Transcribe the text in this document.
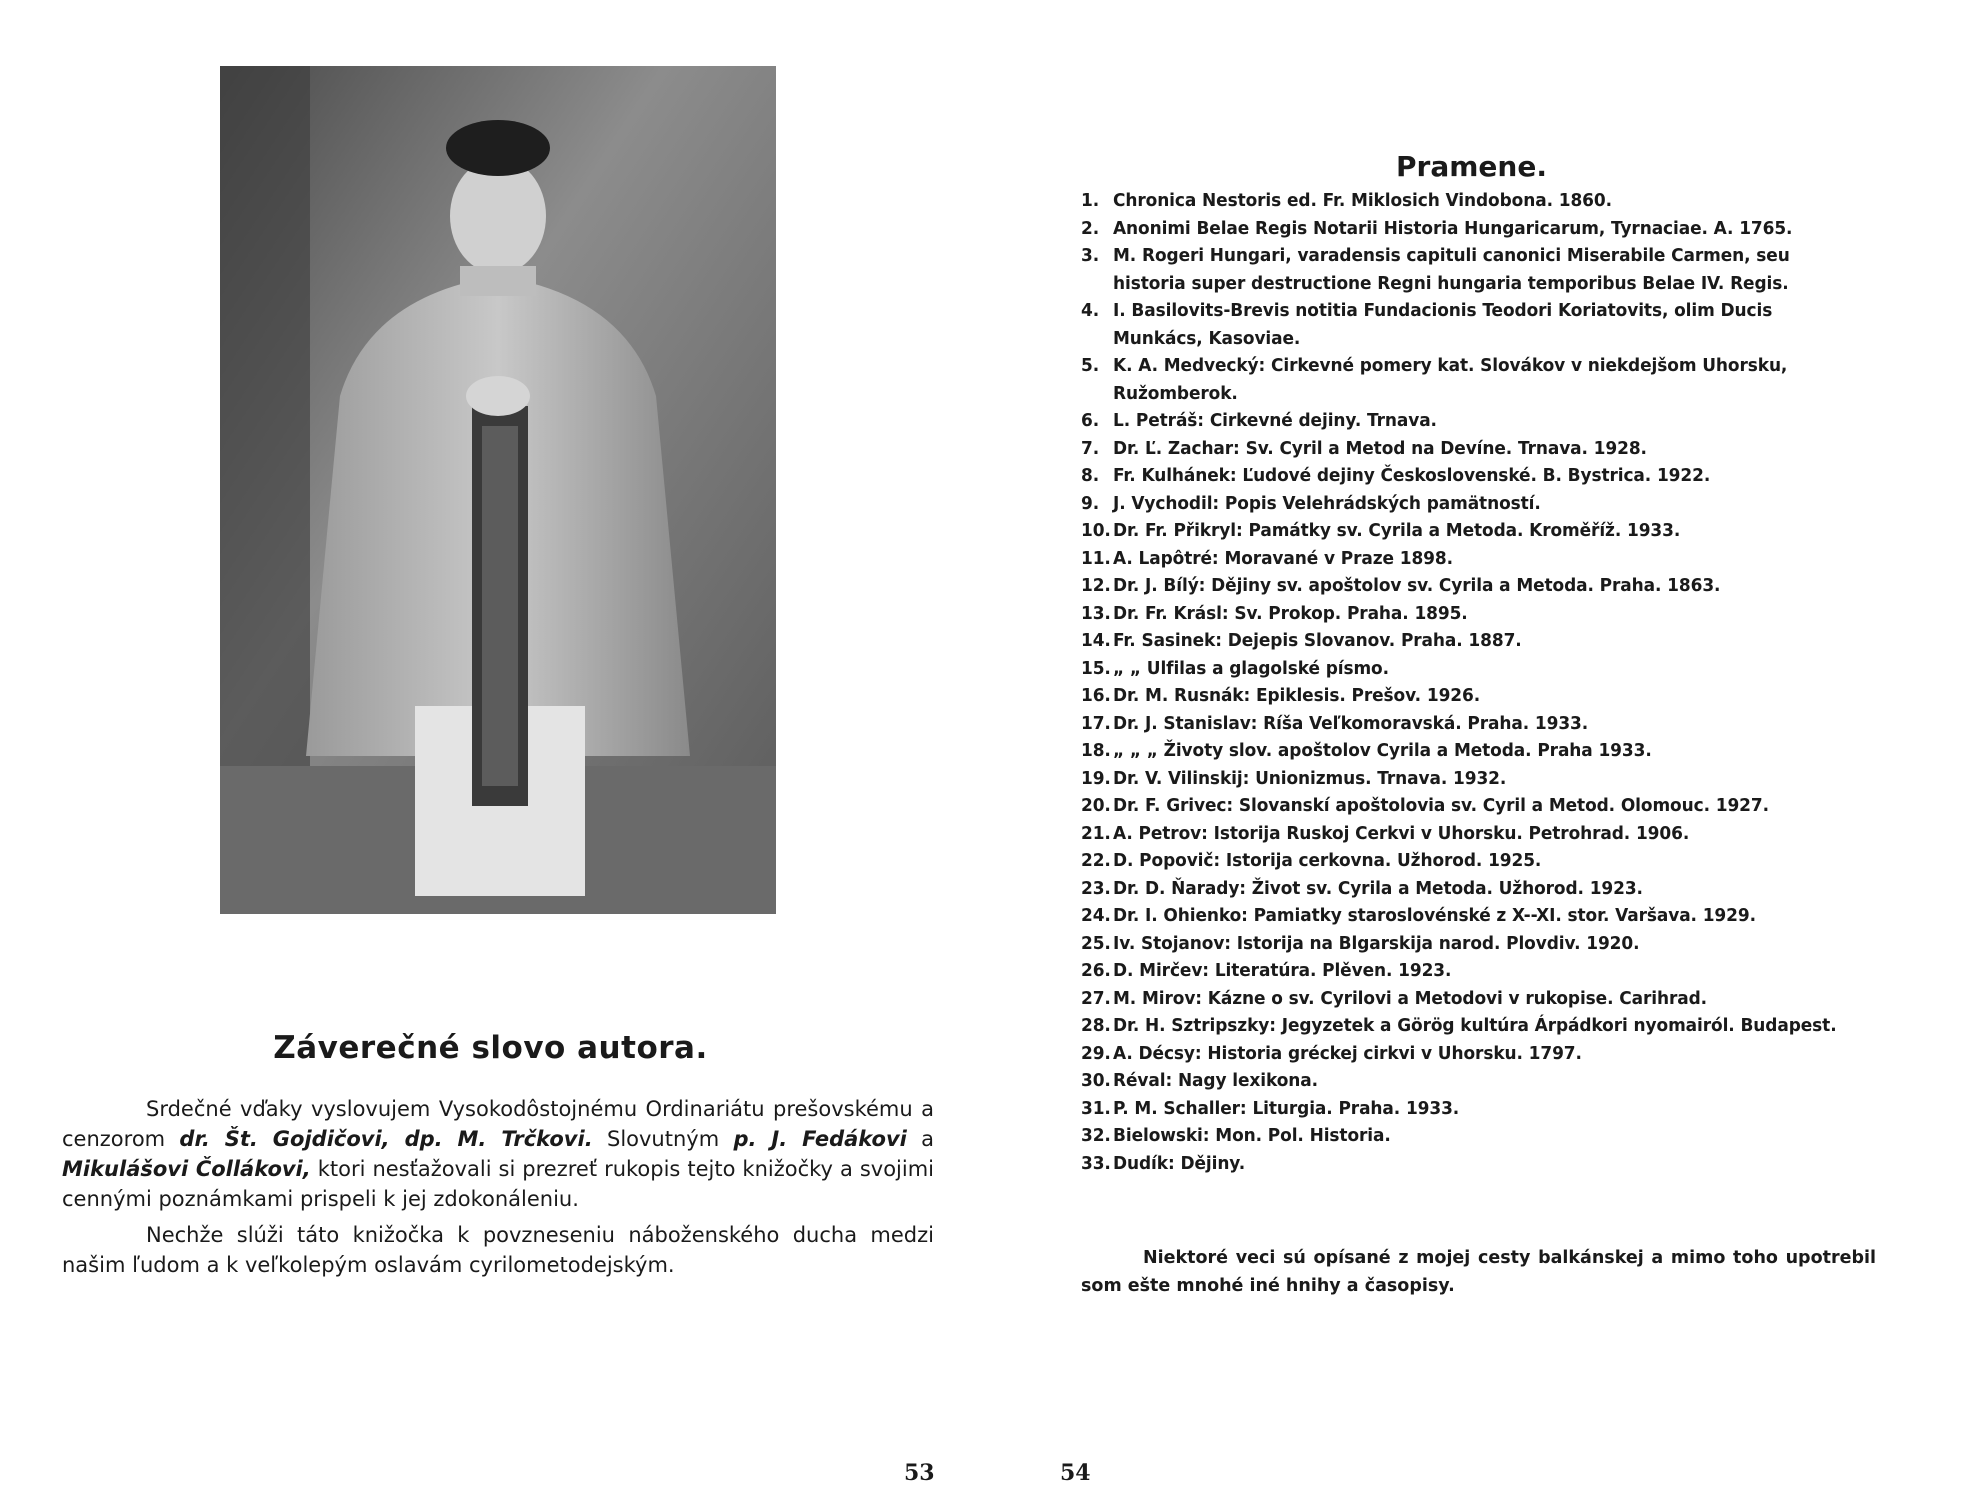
Záverečné slovo autora.

Srdečné vďaky vyslovujem Vysokodôstojnému Ordinariátu prešovskému a cenzorom dr. Št. Gojdičovi, dp. M. Trčkovi. Slovutným p. J. Fedákovi a Mikulášovi Čollákovi, ktori nesťažovali si prezreť rukopis tejto knižočky a svojimi cennými poznámkami prispeli k jej zdokonáleniu.

Nechže slúži táto knižočka k povzneseniu náboženského ducha medzi našim ľudom a k veľkolepým oslavám cyrilometodejským.

53
Pramene.
1. Chronica Nestoris ed. Fr. Miklosich Vindobona. 1860.
2. Anonimi Belae Regis Notarii Historia Hungaricarum, Tyrnaciae. A. 1765.
3. M. Rogeri Hungari, varadensis capituli canonici Miserabile Carmen, seu historia super destructione Regni hungaria temporibus Belae IV. Regis.
4. I. Basilovits-Brevis notitia Fundacionis Teodori Koriatovits, olim Ducis Munkács, Kasoviae.
5. K. A. Medvecký: Cirkevné pomery kat. Slovákov v niekdejšom Uhorsku, Ružomberok.
6. L. Petráš: Cirkevné dejiny. Trnava.
7. Dr. Ľ. Zachar: Sv. Cyril a Metod na Devíne. Trnava. 1928.
8. Fr. Kulhánek: Ľudové dejiny Československé. B. Bystrica. 1922.
9. J. Vychodil: Popis Velehrádských pamätností.
10. Dr. Fr. Přikryl: Památky sv. Cyrila a Metoda. Kroměříž. 1933.
11. A. Lapôtré: Moravané v Praze 1898.
12. Dr. J. Bílý: Dějiny sv. apoštolov sv. Cyrila a Metoda. Praha. 1863.
13. Dr. Fr. Krásl: Sv. Prokop. Praha. 1895.
14. Fr. Sasinek: Dejepis Slovanov. Praha. 1887.
15. „ „ Ulfilas a glagolské písmo.
16. Dr. M. Rusnák: Epiklesis. Prešov. 1926.
17. Dr. J. Stanislav: Ríša Veľkomoravská. Praha. 1933.
18. „ „ „ Životy slov. apoštolov Cyrila a Metoda. Praha 1933.
19. Dr. V. Vilinskij: Unionizmus. Trnava. 1932.
20. Dr. F. Grivec: Slovanskí apoštolovia sv. Cyril a Metod. Olomouc. 1927.
21. A. Petrov: Istorija Ruskoj Cerkvi v Uhorsku. Petrohrad. 1906.
22. D. Popovič: Istorija cerkovna. Užhorod. 1925.
23. Dr. D. Ňarady: Život sv. Cyrila a Metoda. Užhorod. 1923.
24. Dr. I. Ohienko: Pamiatky staroslovénské z X--XI. stor. Varšava. 1929.
25. Iv. Stojanov: Istorija na Blgarskija narod. Plovdiv. 1920.
26. D. Mirčev: Literatúra. Plěven. 1923.
27. M. Mirov: Kázne o sv. Cyrilovi a Metodovi v rukopise. Carihrad.
28. Dr. H. Sztripszky: Jegyzetek a Görög kultúra Árpádkori nyomairól. Budapest.
29. A. Décsy: Historia gréckej cirkvi v Uhorsku. 1797.
30. Réval: Nagy lexikona.
31. P. M. Schaller: Liturgia. Praha. 1933.
32. Bielowski: Mon. Pol. Historia.
33. Dudík: Dějiny.
Niektoré veci sú opísané z mojej cesty balkánskej a mimo toho upotrebil som ešte mnohé iné hnihy a časopisy.
54
